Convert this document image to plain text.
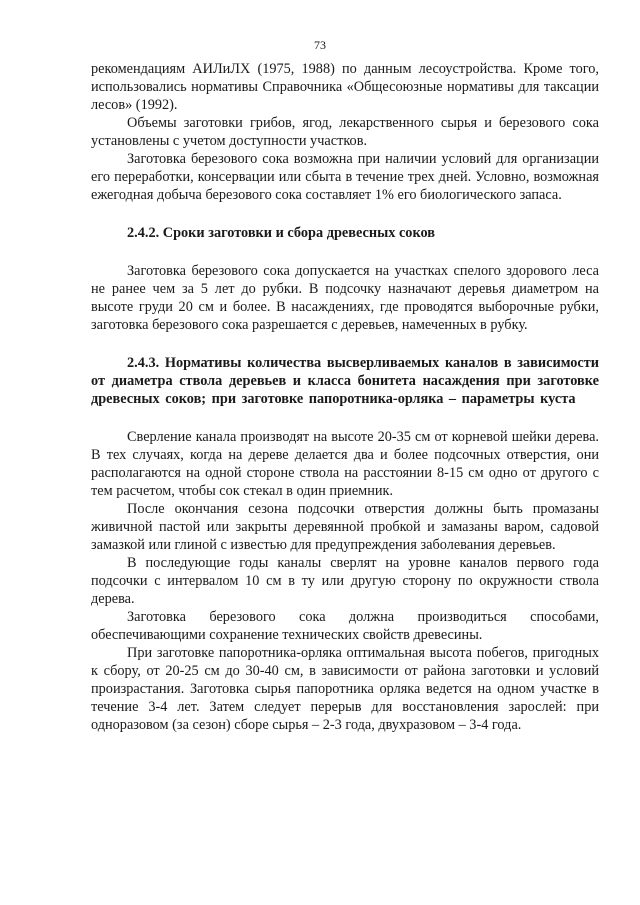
73

рекомендациям АИЛиЛХ (1975, 1988) по данным лесоустройства. Кроме того, использовались нормативы Справочника «Общесоюзные нормативы для таксации лесов» (1992).

Объемы заготовки грибов, ягод, лекарственного сырья и березового сока установлены с учетом доступности участков.

Заготовка березового сока возможна при наличии условий для организации его переработки, консервации или сбыта в течение трех дней. Условно, возможная ежегодная добыча березового сока составляет 1% его биологического запаса.

2.4.2. Сроки заготовки и сбора древесных соков

Заготовка березового сока допускается на участках спелого здорового леса не ранее чем за 5 лет до рубки. В подсочку назначают деревья диаметром на высоте груди 20 см и более. В насаждениях, где проводятся выборочные рубки, заготовка березового сока разрешается с деревьев, намеченных в рубку.

2.4.3. Нормативы количества высверливаемых каналов в зависимости от диаметра ствола деревьев и класса бонитета насаждения при заготовке древесных соков; при заготовке папоротника-орляка – параметры куста

Сверление канала производят на высоте 20-35 см от корневой шейки дерева. В тех случаях, когда на дереве делается два и более подсочных отверстия, они располагаются на одной стороне ствола на расстоянии 8-15 см одно от другого с тем расчетом, чтобы сок стекал в один приемник.

После окончания сезона подсочки отверстия должны быть промазаны живичной пастой или закрыты деревянной пробкой и замазаны варом, садовой замазкой или глиной с известью для предупреждения заболевания деревьев.

В последующие годы каналы сверлят на уровне каналов первого года подсочки с интервалом 10 см в ту или другую сторону по окружности ствола дерева.

Заготовка березового сока должна производиться способами, обеспечивающими сохранение технических свойств древесины.

При заготовке папоротника-орляка оптимальная высота побегов, пригодных к сбору, от 20-25 см до 30-40 см, в зависимости от района заготовки и условий произрастания. Заготовка сырья папоротника орляка ведется на одном участке в течение 3-4 лет. Затем следует перерыв для восстановления зарослей: при одноразовом (за сезон) сборе сырья – 2-3 года, двухразовом – 3-4 года.
